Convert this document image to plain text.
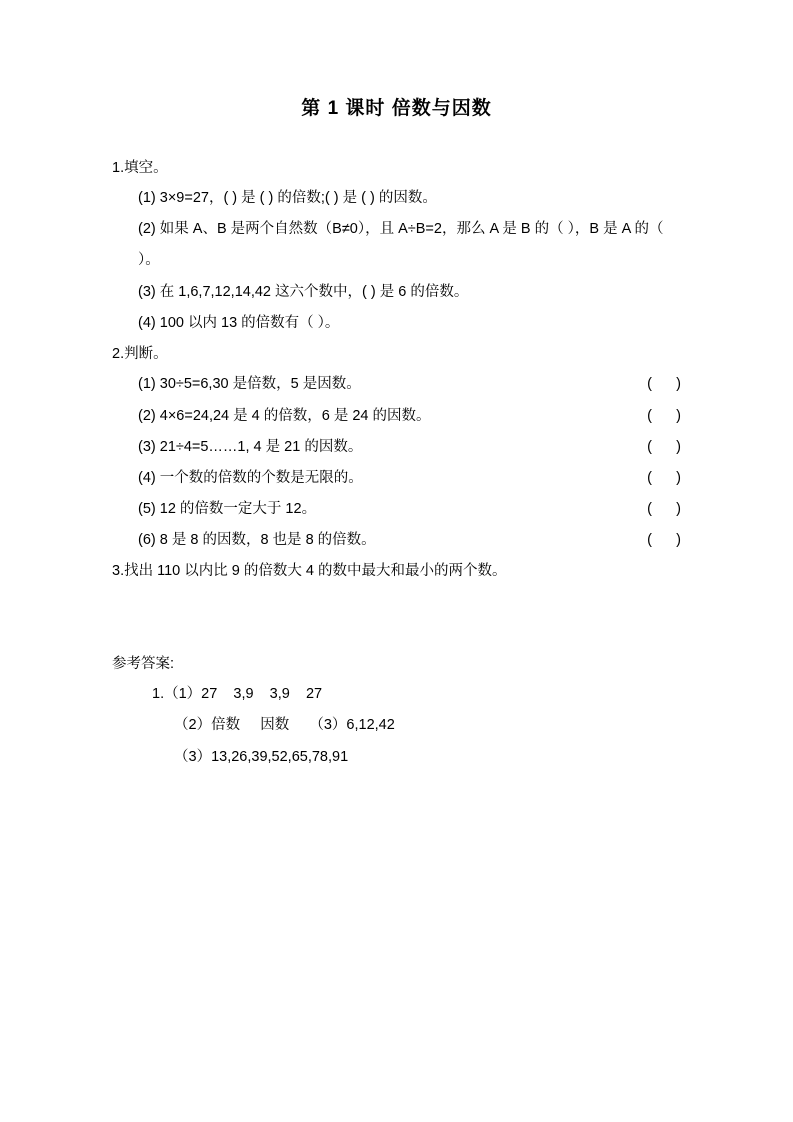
第 1 课时 倍数与因数
1.填空。
(1) 3×9=27，( ) 是 ( ) 的倍数;( ) 是 ( ) 的因数。
(2) 如果 A、B 是两个自然数（B≠0），且 A÷B=2，那么 A 是 B 的（ ），B 是 A 的（ ）。
(3) 在 1,6,7,12,14,42 这六个数中，( ) 是 6 的倍数。
(4) 100 以内 13 的倍数有（ ）。
2.判断。
(1) 30÷5=6,30 是倍数，5 是因数。	(      )
(2) 4×6=24,24 是 4 的倍数，6 是 24 的因数。	(      )
(3) 21÷4=5……1, 4 是 21 的因数。	(      )
(4) 一个数的倍数的个数是无限的。	(      )
(5) 12 的倍数一定大于 12。	(      )
(6) 8 是 8 的因数，8 也是 8 的倍数。	(      )
3.找出 110 以内比 9 的倍数大 4 的数中最大和最小的两个数。
参考答案:
1.（1）27    3,9    3,9    27
（2）倍数     因数     （3）6,12,42
（3）13,26,39,52,65,78,91
